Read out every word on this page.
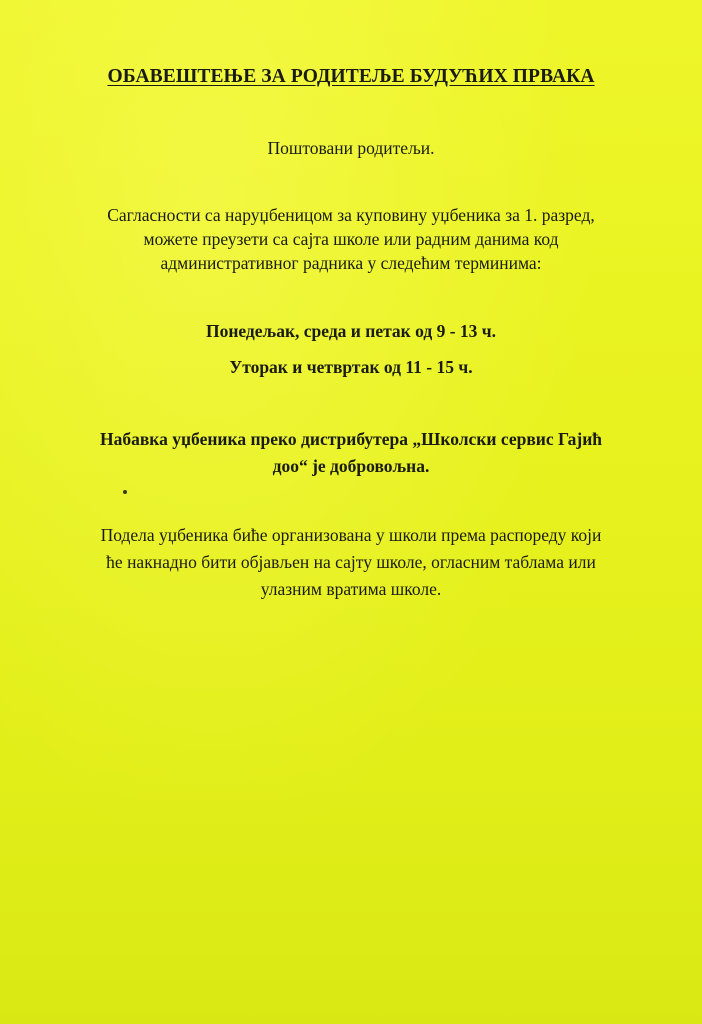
ОБАВЕШТЕЊЕ ЗА РОДИТЕЉЕ БУДУЋИХ ПРВАКА
Поштовани родитељи.
Сагласности са наруџбеницом за куповину уџбеника за 1. разред,
можете преузети са сајта школе или радним данима код
административног радника у следећим терминима:
Понедељак, среда и петак од 9 - 13 ч.
Уторак и четвртак од 11 - 15 ч.
Набавка уџбеника преко дистрибутера „Школски сервис Гајић
доо“ је добровољна.
Подела уџбеника биће организована у школи према распореду који
ће накнадно бити објављен на сајту школе, огласним таблама или
улазним вратима школе.
